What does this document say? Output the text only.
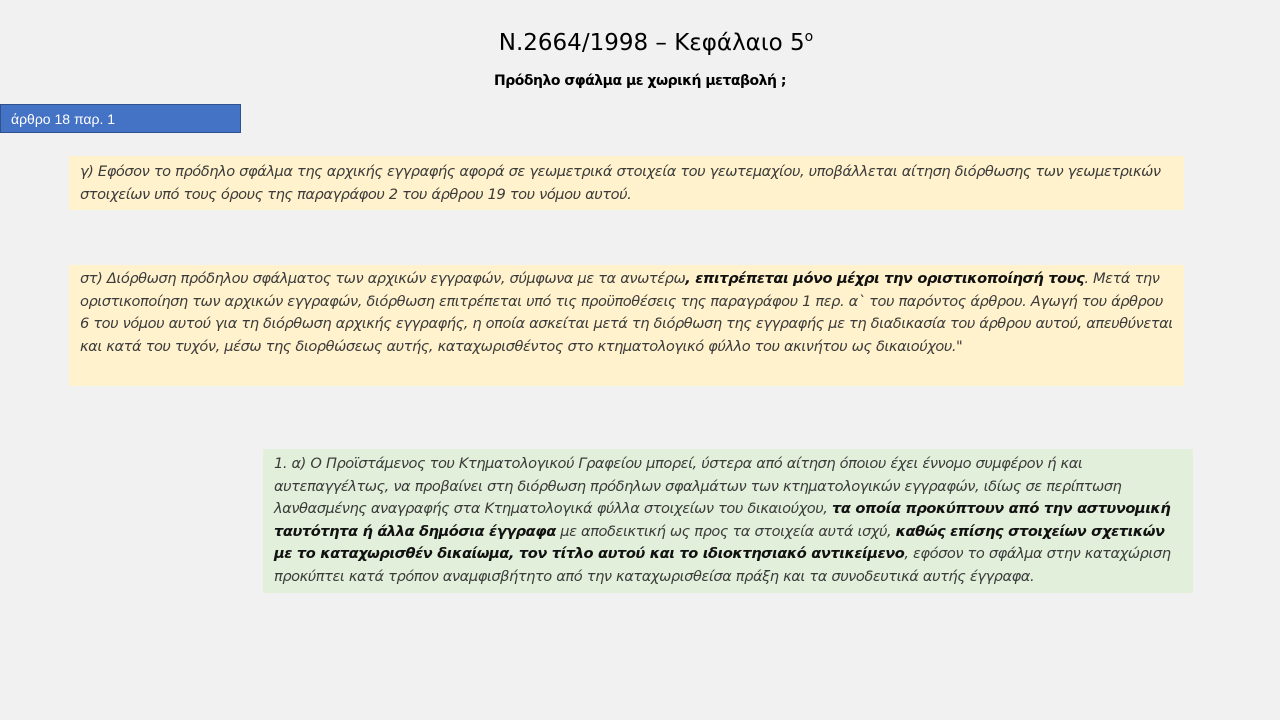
Ν.2664/1998 – Κεφάλαιο $5^o$
Πρόδηλο σφάλμα με χωρική μεταβολή ;
άρθρο 18 παρ. 1
γ) Εφόσον το πρόδηλο σφάλμα της αρχικής εγγραφής αφορά σε γεωμετρικά στοιχεία του γεωτεμαχίου, υποβάλλεται αίτηση διόρθωσης των γεωμετρικών στοιχείων υπό τους όρους της παραγράφου 2 του άρθρου 19 του νόμου αυτού.
στ) Διόρθωση πρόδηλου σφάλματος των αρχικών εγγραφών, σύμφωνα με τα ανωτέρω, επιτρέπεται μόνο μέχρι την οριστικοποίησή τους. Μετά την οριστικοποίηση των αρχικών εγγραφών, διόρθωση επιτρέπεται υπό τις προϋποθέσεις της παραγράφου 1 περ. α` του παρόντος άρθρου. Αγωγή του άρθρου 6 του νόμου αυτού για τη διόρθωση αρχικής εγγραφής, η οποία ασκείται μετά τη διόρθωση της εγγραφής με τη διαδικασία του άρθρου αυτού, απευθύνεται και κατά του τυχόν, μέσω της διορθώσεως αυτής, καταχωρισθέντος στο κτηματολογικό φύλλο του ακινήτου ως δικαιούχου."
1. α) Ο Προϊστάμενος του Κτηματολογικού Γραφείου μπορεί, ύστερα από αίτηση όποιου έχει έννομο συμφέρον ή και αυτεπαγγέλτως, να προβαίνει στη διόρθωση πρόδηλων σφαλμάτων των κτηματολογικών εγγραφών, ιδίως σε περίπτωση λανθασμένης αναγραφής στα Κτηματολογικά φύλλα στοιχείων του δικαιούχου, τα οποία προκύπτουν από την αστυνομική ταυτότητα ή άλλα δημόσια έγγραφα με αποδεικτική ως προς τα στοιχεία αυτά ισχύ, καθώς επίσης στοιχείων σχετικών με το καταχωρισθέν δικαίωμα, τον τίτλο αυτού και το ιδιοκτησιακό αντικείμενο, εφόσον το σφάλμα στην καταχώριση προκύπτει κατά τρόπον αναμφισβήτητο από την καταχωρισθείσα πράξη και τα συνοδευτικά αυτής έγγραφα.
